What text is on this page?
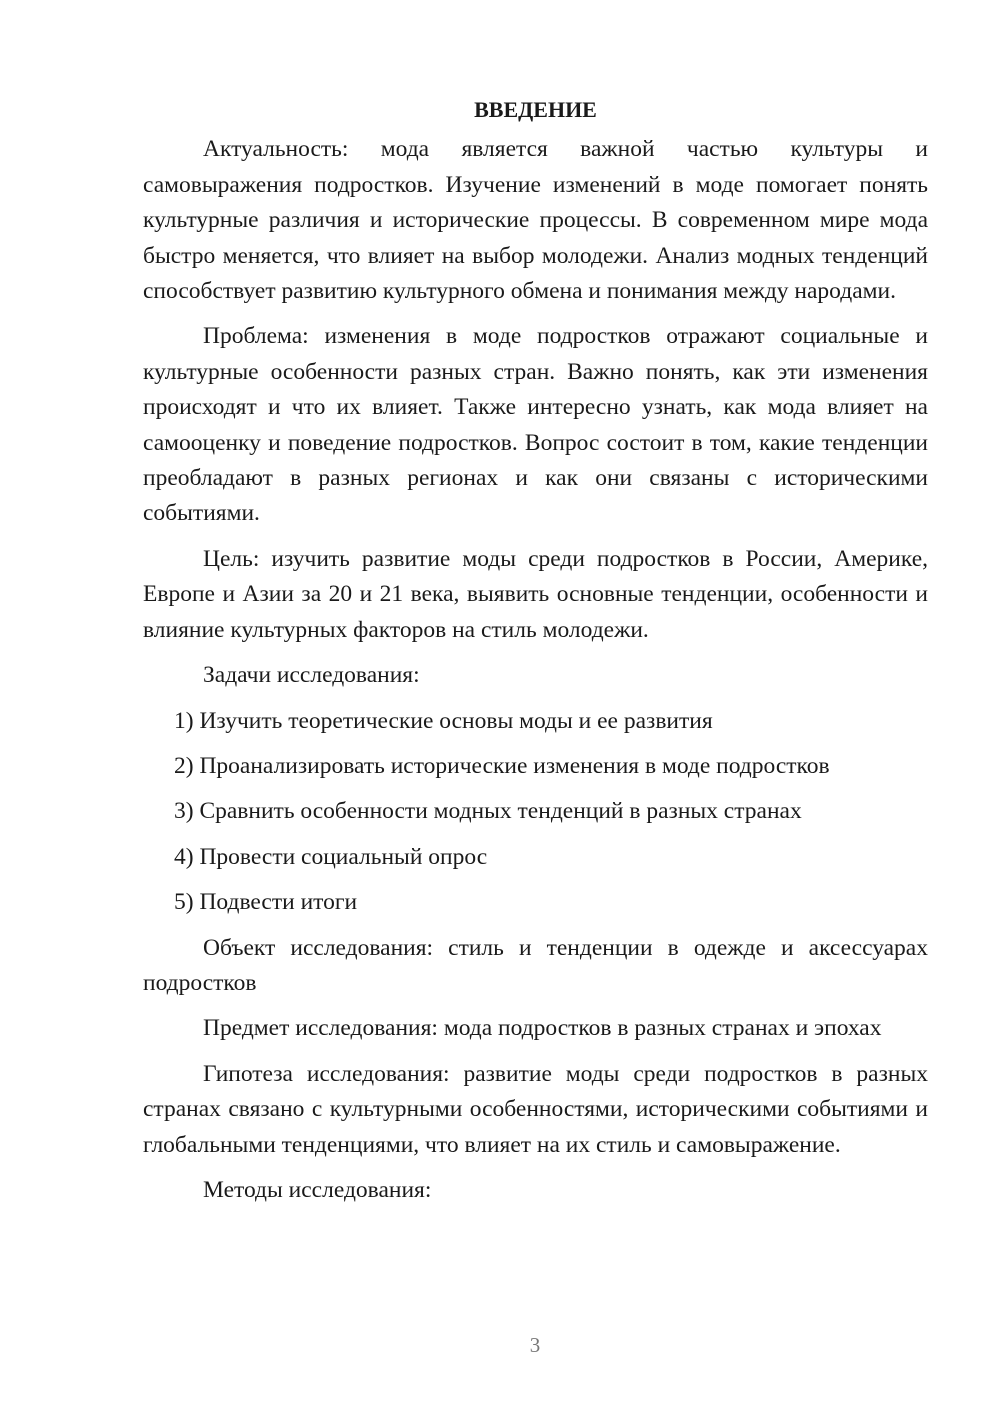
ВВЕДЕНИЕ

Актуальность: мода является важной частью культуры и самовыражения подростков. Изучение изменений в моде помогает понять культурные различия и исторические процессы. В современном мире мода быстро меняется, что влияет на выбор молодежи. Анализ модных тенденций способствует развитию культурного обмена и понимания между народами.

Проблема: изменения в моде подростков отражают социальные и культурные особенности разных стран. Важно понять, как эти изменения происходят и что их влияет. Также интересно узнать, как мода влияет на самооценку и поведение подростков. Вопрос состоит в том, какие тенденции преобладают в разных регионах и как они связаны с историческими событиями.

Цель: изучить развитие моды среди подростков в России, Америке, Европе и Азии за 20 и 21 века, выявить основные тенденции, особенности и влияние культурных факторов на стиль молодежи.

Задачи исследования:

1) Изучить теоретические основы моды и ее развития

2) Проанализировать исторические изменения в моде подростков

3) Сравнить особенности модных тенденций в разных странах

4) Провести социальный опрос

5) Подвести итоги

Объект исследования: стиль и тенденции в одежде и аксессуарах подростков

Предмет исследования: мода подростков в разных странах и эпохах

Гипотеза исследования: развитие моды среди подростков в разных странах связано с культурными особенностями, историческими событиями и глобальными тенденциями, что влияет на их стиль и самовыражение.

Методы исследования:

3
